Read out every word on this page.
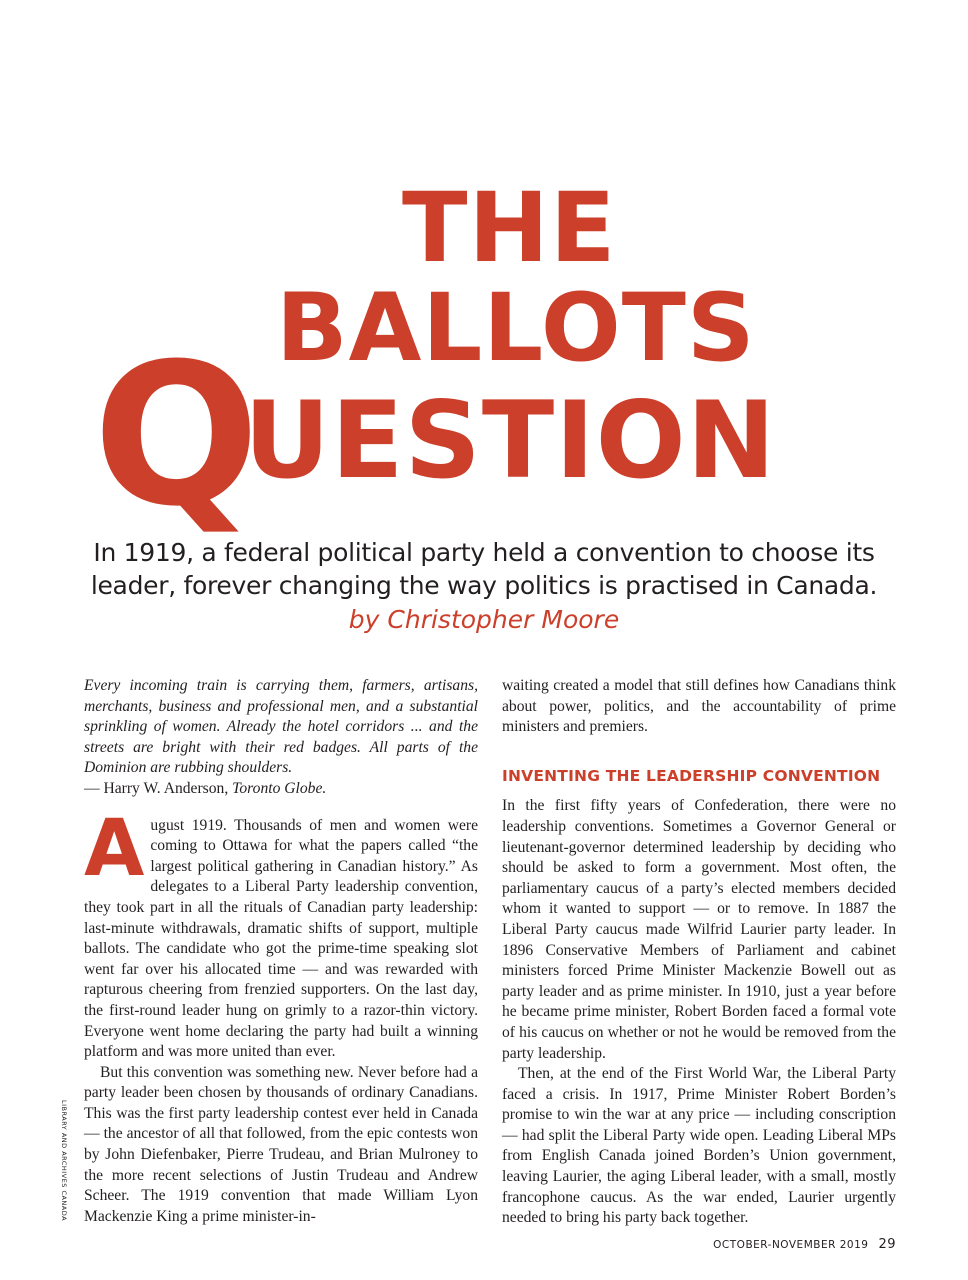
THE
BALLOTS
Q
UESTION
In 1919, a federal political party held a convention to choose its
leader, forever changing the way politics is practised in Canada.
by Christopher Moore

Every incoming train is carrying them, farmers, artisans, merchants, business and professional men, and a substantial sprinkling of women. Already the hotel corridors ... and the streets are bright with their red badges. All parts of the Dominion are rubbing shoulders.

— Harry W. Anderson, Toronto Globe.

A ugust 1919. Thousands of men and women were coming to Ottawa for what the papers called “the largest political gathering in Canadian history.” As delegates to a Liberal Party leadership convention, they took part in all the rituals of Canadian party leadership: last-minute withdrawals, dramatic shifts of support, multiple ballots. The candidate who got the prime-time speaking slot went far over his allocated time — and was rewarded with rapturous cheering from frenzied supporters. On the last day, the first-round leader hung on grimly to a razor-thin victory. Everyone went home declaring the party had built a winning platform and was more united than ever.

But this convention was something new. Never before had a party leader been chosen by thousands of ordinary Canadians. This was the first party leadership contest ever held in Canada — the ancestor of all that followed, from the epic contests won by John Diefenbaker, Pierre Trudeau, and Brian Mulroney to the more recent selections of Justin Trudeau and Andrew Scheer. The 1919 convention that made William Lyon Mackenzie King a prime minister-in-

waiting created a model that still defines how Canadians think about power, politics, and the accountability of prime ministers and premiers.

INVENTING THE LEADERSHIP CONVENTION

In the first fifty years of Confederation, there were no leadership conventions. Sometimes a Governor General or lieutenant-governor determined leadership by deciding who should be asked to form a government. Most often, the parliamentary caucus of a party’s elected members decided whom it wanted to support — or to remove. In 1887 the Liberal Party caucus made Wilfrid Laurier party leader. In 1896 Conservative Members of Parliament and cabinet ministers forced Prime Minister Mackenzie Bowell out as party leader and as prime minister. In 1910, just a year before he became prime minister, Robert Borden faced a formal vote of his caucus on whether or not he would be removed from the party leadership.

Then, at the end of the First World War, the Liberal Party faced a crisis. In 1917, Prime Minister Robert Borden’s promise to win the war at any price — including conscription — had split the Liberal Party wide open. Leading Liberal MPs from English Canada joined Borden’s Union government, leaving Laurier, the aging Liberal leader, with a small, mostly francophone caucus. As the war ended, Laurier urgently needed to bring his party back together.

LIBRARY AND ARCHIVES CANADA
OCTOBER-NOVEMBER 2019 29
